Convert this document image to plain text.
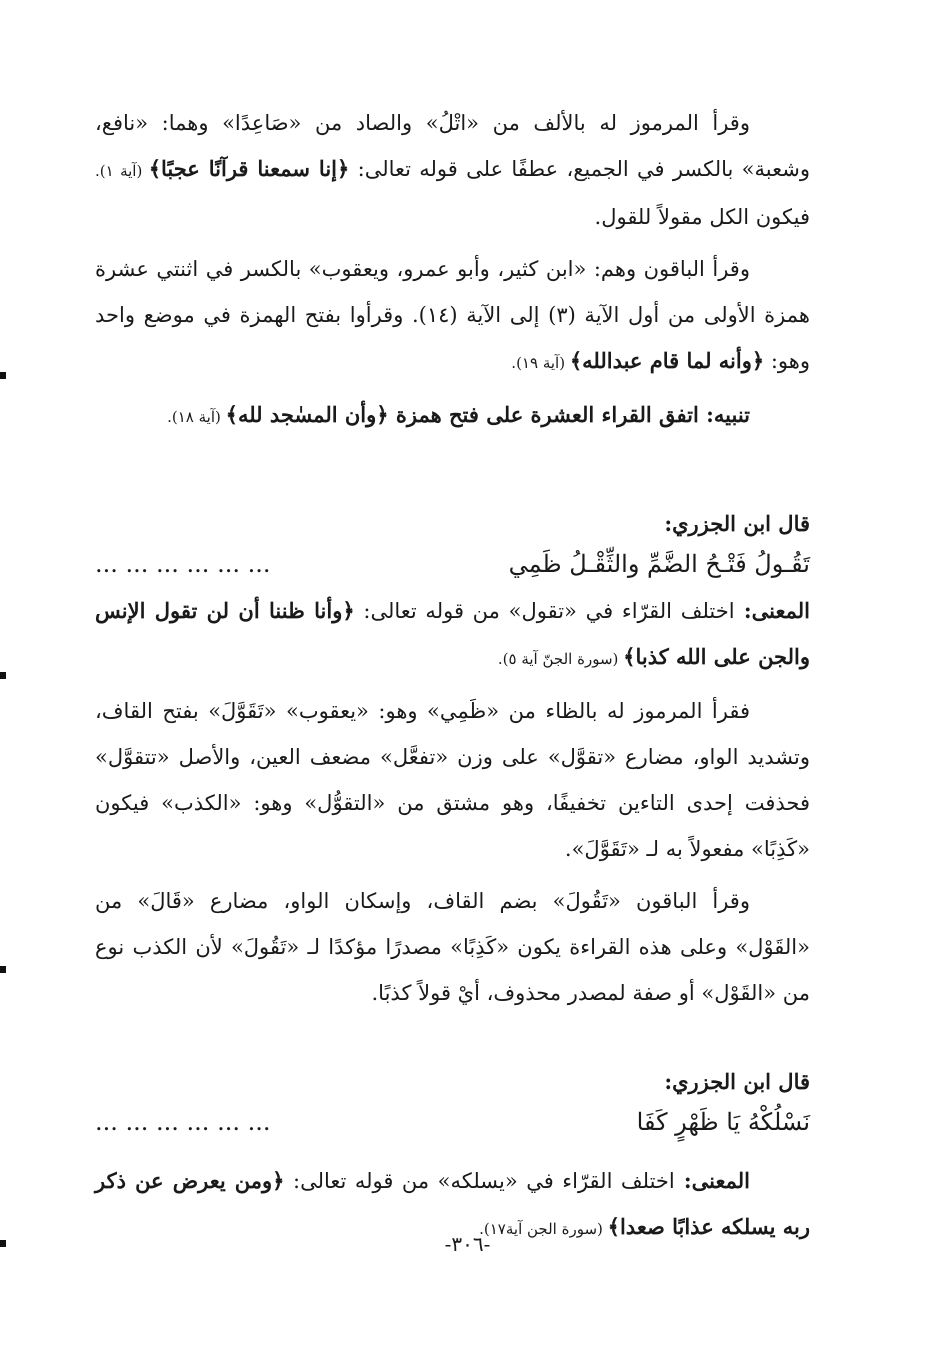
وقرأ المرموز له بالألف من «اتْلُ» والصاد من «صَاعِدًا» وهما: «نافع، وشعبة» بالكسر في الجميع، عطفًا على قوله تعالى: ﴿إنا سمعنا قرآنًا عجبًا﴾ (آية ١). فيكون الكل مقولاً للقول.

وقرأ الباقون وهم: «ابن كثير، وأبو عمرو، ويعقوب» بالكسر في اثنتي عشرة همزة الأولى من أول الآية (٣) إلى الآية (١٤). وقرأوا بفتح الهمزة في موضع واحد وهو: ﴿وأنه لما قام عبدالله﴾ (آية ١٩).

تنبيه: اتفق القراء العشرة على فتح همزة ﴿وأن المسٰجد لله﴾ (آية ١٨).

قال ابن الجزري:

تَقُـولُ فَتْـحُ الضَّمِّ والثِّقْـلُ ظَمِي
... ... ... ... ... ...

المعنى: اختلف القرّاء في «تقول» من قوله تعالى: ﴿وأنا ظننا أن لن تقول الإنس والجن على الله كذبا﴾ (سورة الجنّ آية ٥).

فقرأ المرموز له بالظاء من «ظَمِي» وهو: «يعقوب» «تَقَوَّلَ» بفتح القاف، وتشديد الواو، مضارع «تقوَّل» على وزن «تفعَّل» مضعف العين، والأصل «تتقوَّل» فحذفت إحدى التاءين تخفيفًا، وهو مشتق من «التقوُّل» وهو: «الكذب» فيكون «كَذِبًا» مفعولاً به لـ «تَقَوَّلَ».

وقرأ الباقون «تَقُولَ» بضم القاف، وإسكان الواو، مضارع «قَالَ» من «القَوْل» وعلى هذه القراءة يكون «كَذِبًا» مصدرًا مؤكدًا لـ «تَقُولَ» لأن الكذب نوع من «القَوْل» أو صفة لمصدر محذوف، أيْ قولاً كذبًا.

قال ابن الجزري:

نَسْلُكْهُ يَا ظَهْرٍ كَفَا
... ... ... ... ... ...

المعنى: اختلف القرّاء في «يسلكه» من قوله تعالى: ﴿ومن يعرض عن ذكر ربه يسلكه عذابًا صعدا﴾ (سورة الجن آية١٧).

-٣٠٦-
